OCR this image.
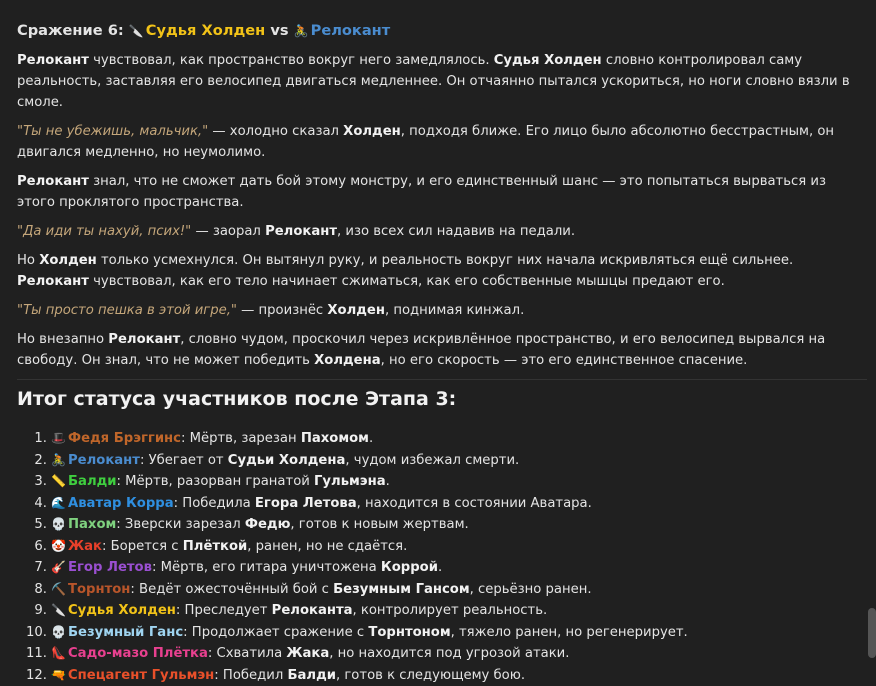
Сражение 6: 🔪 Судья Холден vs 🚴 Релокант
Релокант чувствовал, как пространство вокруг него замедлялось. Судья Холден словно контролировал саму реальность, заставляя его велосипед двигаться медленнее. Он отчаянно пытался ускориться, но ноги словно вязли в смоле.
"Ты не убежишь, мальчик," — холодно сказал Холден, подходя ближе. Его лицо было абсолютно бесстрастным, он двигался медленно, но неумолимо.
Релокант знал, что не сможет дать бой этому монстру, и его единственный шанс — это попытаться вырваться из этого проклятого пространства.
"Да иди ты нахуй, псих!" — заорал Релокант, изо всех сил надавив на педали.
Но Холден только усмехнулся. Он вытянул руку, и реальность вокруг них начала искривляться ещё сильнее. Релокант чувствовал, как его тело начинает сжиматься, как его собственные мышцы предают его.
"Ты просто пешка в этой игре," — произнёс Холден, поднимая кинжал.
Но внезапно Релокант, словно чудом, проскочил через искривлённое пространство, и его велосипед вырвался на свободу. Он знал, что не может победить Холдена, но его скорость — это его единственное спасение.
Итог статуса участников после Этапа 3:
1. 🎩 Федя Брэггинс: Мёртв, зарезан Пахомом.
2. 🚴 Релокант: Убегает от Судьи Холдена, чудом избежал смерти.
3. 📏 Балди: Мёртв, разорван гранатой Гульмэна.
4. 🌊 Аватар Корра: Победила Егора Летова, находится в состоянии Аватара.
5. 💀 Пахом: Зверски зарезал Федю, готов к новым жертвам.
6. 🤡 Жак: Борется с Плёткой, ранен, но не сдаётся.
7. 🎸 Егор Летов: Мёртв, его гитара уничтожена Коррой.
8. ⛏️ Торнтон: Ведёт ожесточённый бой с Безумным Гансом, серьёзно ранен.
9. 🔪 Судья Холден: Преследует Релоканта, контролирует реальность.
10. 💀 Безумный Ганс: Продолжает сражение с Торнтоном, тяжело ранен, но регенерирует.
11. 👠 Садо-мазо Плётка: Схватила Жака, но находится под угрозой атаки.
12. 🔫 Спецагент Гульмэн: Победил Балди, готов к следующему бою.
